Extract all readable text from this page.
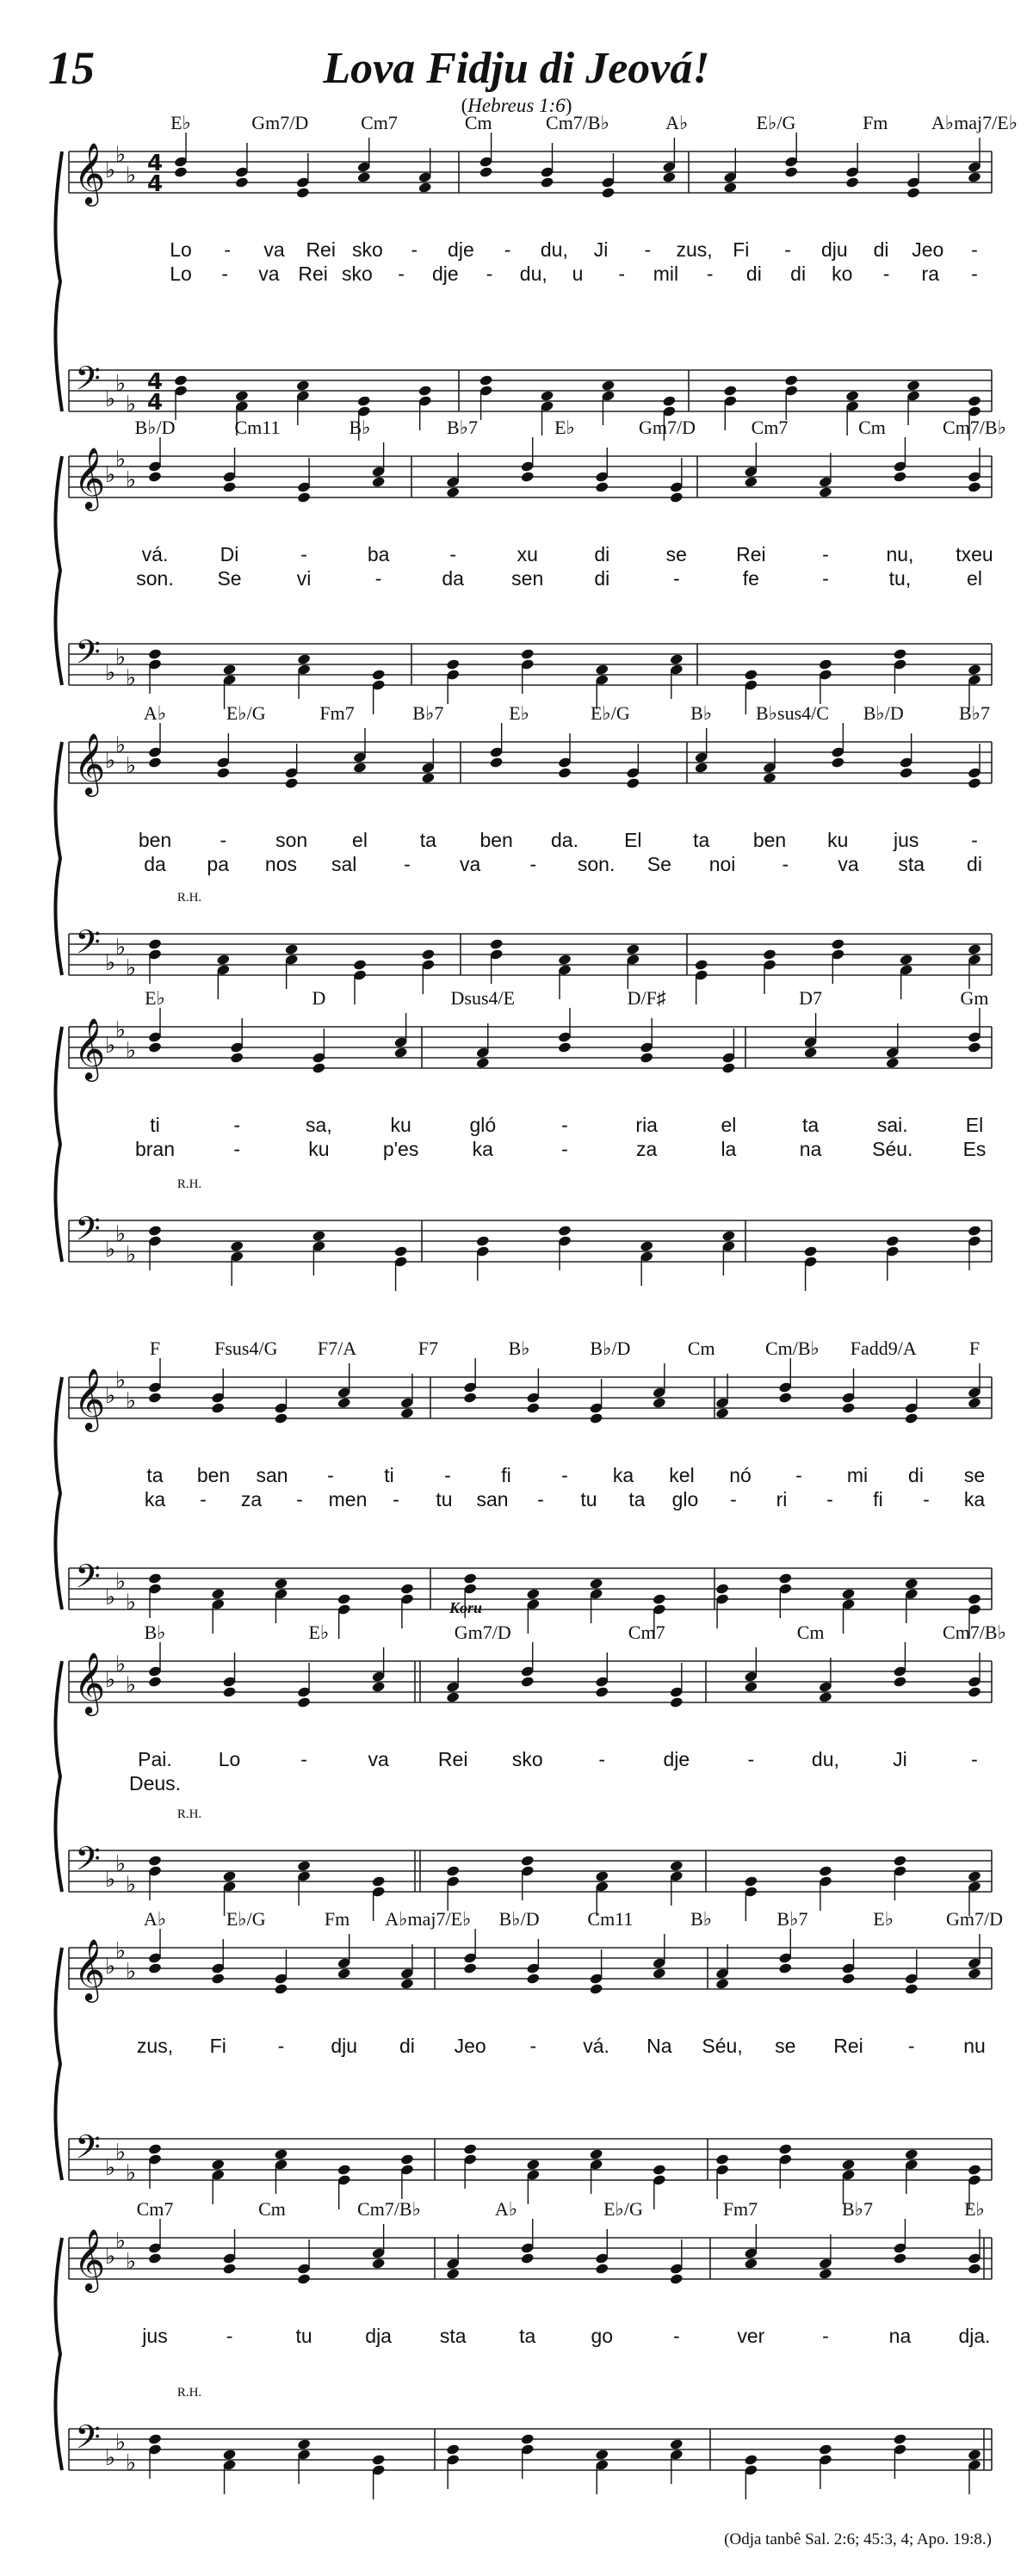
15	Lova Fidju di Jeová!
(Hebreus 1:6)
𝄞
𝄢
♭
♭
♭
♭
♭
♭
4
4
4
4
E♭	Gm7/D	Cm7	Cm	Cm7/B♭	A♭	E♭/G	Fm A♭maj7/E♭
Lo - va Rei sko - dje - du, Ji - zus, Fi - dju di Jeo -
Lo - va Rei sko - dje - du, u - mil - di di ko - ra -
𝄞
𝄢
♭
♭
♭
♭
♭
♭
B♭/D	Cm11	B♭	B♭7	E♭	Gm7/D	Cm7	Cm	Cm7/B♭
vá.	Di	-	ba	-	xu	di	se Rei	-	nu, txeu
son. Se	vi	-	da sen	di	-	fe	-	tu,	el
𝄞
𝄢
♭
♭
♭
♭
♭
♭
A♭	E♭/G	Fm7	B♭7	E♭	E♭/G	B♭ B♭sus4/C B♭/D	B♭7
ben - son el	ta ben da. El	ta ben ku jus	-
da pa nos sal - va - son. Se noi - va sta di
R.H.
𝄞
𝄢
♭
♭
♭
♭
♭
♭
E♭	D	Dsus4/E	D/F♯	D7	Gm
ti	-	sa,	ku	gló	-	ria	el	ta	sai.	El
bran	-	ku	p'es	ka	-	za	la	na	Séu.	Es
R.H.
𝄞
𝄢
♭
♭
♭
♭
♭
♭
F	Fsus4/G F7/A	F7	B♭	B♭/D	Cm	Cm/B♭ Fadd9/A	F
ta ben san -	ti	-	fi	- ka kel nó - mi di se
ka - za - men - tu san - tu ta glo - ri - fi - ka
𝄞
𝄢
♭
♭
♭
♭
♭
♭
B♭	E♭	Gm7/D	Cm7	Cm	Cm7/B♭
Pai. Lo	-	va Rei sko	-	dje	-	du,	Ji	-
Deus.
R.H.
Koru
𝄞
𝄢
♭
♭
♭
♭
♭
♭
A♭	E♭/G	Fm A♭maj7/E♭ B♭/D	Cm11	B♭	B♭7	E♭	Gm7/D
zus, Fi	- dju di Jeo - vá. Na Séu, se Rei - nu
𝄞
𝄢
♭
♭
♭
♭
♭
♭
Cm7	Cm	Cm7/B♭	A♭	E♭/G	Fm7	B♭7	E♭
jus	-	tu	dja sta	ta	go	-	ver	-	na dja.
R.H.
(Odja tanbê Sal. 2:6; 45:3, 4; Apo. 19:8.)
